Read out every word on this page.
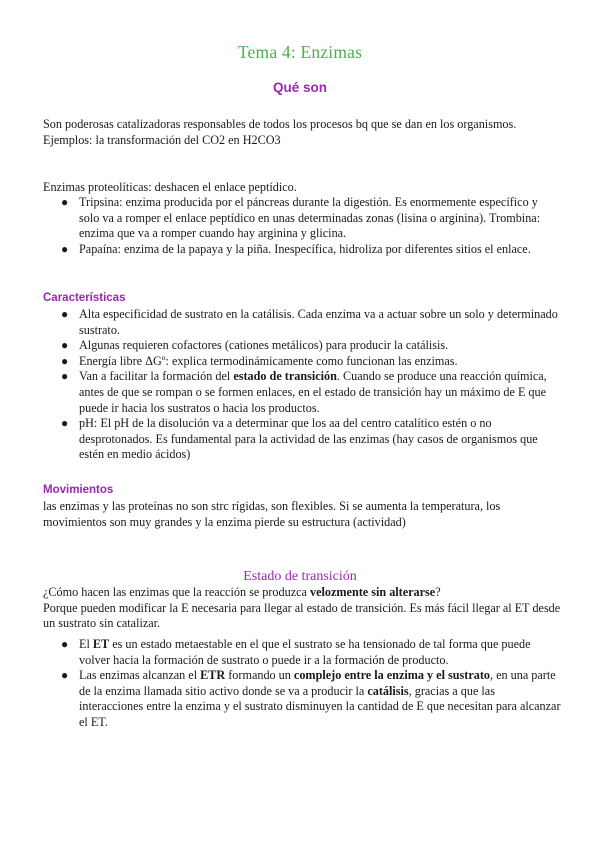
Tema 4: Enzimas
Qué son

Son poderosas catalizadoras responsables de todos los procesos bq que se dan en los organismos.

Ejemplos: la transformación del CO2 en H2CO3

Enzimas proteolíticas: deshacen el enlace peptídico.
● Tripsina: enzima producida por el páncreas durante la digestión. Es enormemente específico y solo va a romper el enlace peptídico en unas determinadas zonas (lisina o arginina). Trombina: enzima que va a romper cuando hay arginina y glicina.
● Papaína: enzima de la papaya y la piña. Inespecífica, hidroliza por diferentes sitios el enlace.
Características
● Alta especificidad de sustrato en la catálisis. Cada enzima va a actuar sobre un solo y determinado sustrato.
● Algunas requieren cofactores (cationes metálicos) para producir la catálisis.
● Energía libre ΔGº: explica termodinámicamente como funcionan las enzimas.
● Van a facilitar la formación del estado de transición. Cuando se produce una reacción química, antes de que se rompan o se formen enlaces, en el estado de transición hay un máximo de E que puede ir hacia los sustratos o hacia los productos.
● pH: El pH de la disolución va a determinar que los aa del centro catalítico estén o no desprotonados. Es fundamental para la actividad de las enzimas (hay casos de organismos que estén en medio ácidos)
Movimientos
las enzimas y las proteínas no son strc rígidas, son flexibles. Si se aumenta la temperatura, los movimientos son muy grandes y la enzima pierde su estructura (actividad)
Estado de transición

¿Cómo hacen las enzimas que la reacción se produzca velozmente sin alterarse?

Porque pueden modificar la E necesaria para llegar al estado de transición. Es más fácil llegar al ET desde un sustrato sin catalizar.

● El ET es un estado metaestable en el que el sustrato se ha tensionado de tal forma que puede volver hacia la formación de sustrato o puede ir a la formación de producto.
● Las enzimas alcanzan el ETR formando un complejo entre la enzima y el sustrato, en una parte de la enzima llamada sitio activo donde se va a producir la catálisis, gracias a que las interacciones entre la enzima y el sustrato disminuyen la cantidad de E que necesitan para alcanzar el ET.
